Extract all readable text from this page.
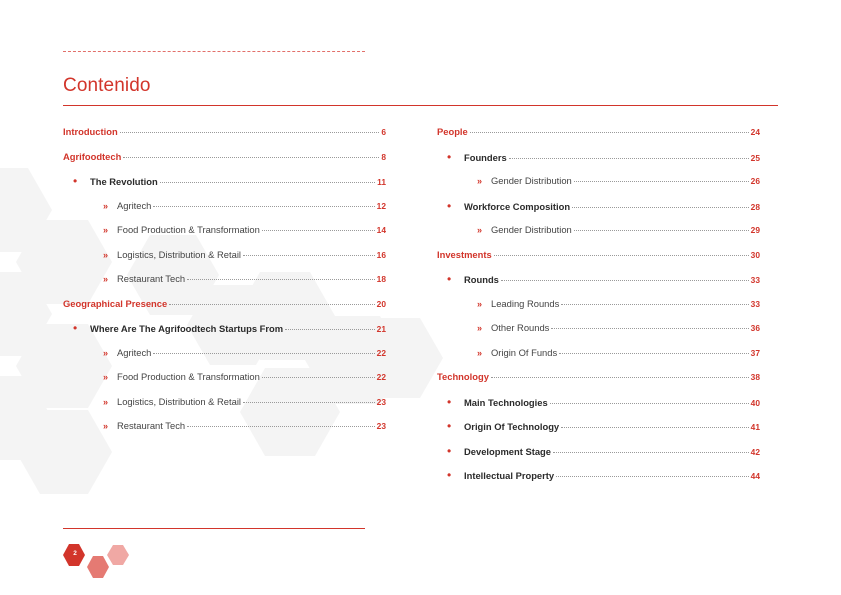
Contenido
Introduction	6
Agrifoodtech	8
•	The Revolution	11
» Agritech	12
» Food Production & Transformation	14
» Logistics, Distribution & Retail	16
» Restaurant Tech	18
Geographical Presence	20
•	Where Are The Agrifoodtech Startups From	21
» Agritech	22
» Food Production & Transformation	22
» Logistics, Distribution & Retail	23
» Restaurant Tech	23
People	24
•	Founders	25
» Gender Distribution	26
•	Workforce Composition	28
» Gender Distribution	29
Investments	30
•	Rounds	33
» Leading Rounds	33
» Other Rounds	36
» Origin Of Funds	37
Technology	38
•	Main Technologies	40
•	Origin Of Technology	41
•	Development Stage	42
•	Intellectual Property	44
2
